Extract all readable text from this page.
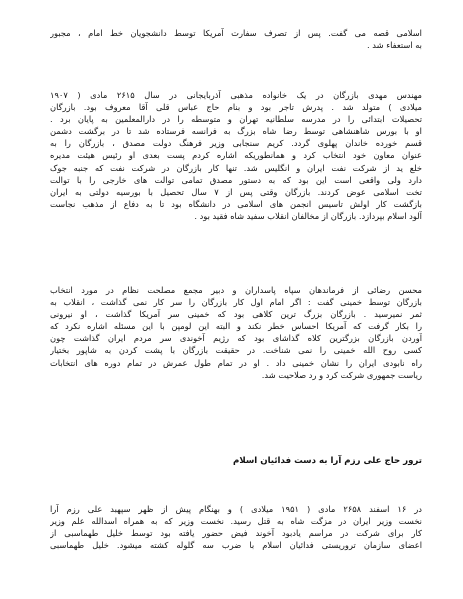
اسلامی قصه می گفت. پس از تصرف سفارت آمریکا توسط دانشجویان خط امام ، مجبور
به استعفاء شد .
مهندس مهدی بازرگان در یک خانواده مذهبی آذربایجانی در سال ۲۶۱۵ مادی ( ۱۹۰۷
میلادی ) متولد شد . پدرش تاجر بود و بنام حاج عباس قلی آقا معروف بود. بازرگان
تحصیلات ابتدائی را در مدرسه سلطانیه تهران و متوسطه را در دارالمعلمین به پایان برد .
او با بورس شاهنشاهی توسط رضا شاه بزرگ به فرانسه فرستاده شد تا در برگشت دشمن
قسم خورده خاندان پهلوی گردد. کریم سنجابی وزیر فرهنگ دولت مصدق ، بازرگان را به
عنوان معاون خود انتخاب کرد و همانطوریکه اشاره کردم پست بعدی او رئیس هیئت مدیره
خلع ید از شرکت نفت ایران و انگلیس شد. تنها کار بازرگان در شرکت نفت که جنبه جوک
دارد ولی واقعی است این بود که به دستور مصدق تمامی توالت های خارجی را با توالت
تخت اسلامی عوض کردند. بازرگان وقتی پس از ۷ سال تحصیل با بورسیه دولتی به ایران
بازگشت کار اولش تاسیس انجمن های اسلامی در دانشگاه بود تا به دفاع از مذهب نجاست
آلود اسلام بپردازد. بازرگان از مخالفان انقلاب سفید شاه فقید بود .
محسن رضائی از فرماندهان سپاه پاسداران و دبیر مجمع مصلحت نظام در مورد انتخاب
بازرگان توسط خمینی گفت : اگر امام اول کار بازرگان را سر کار نمی گذاشت ، انقلاب به
ثمر نمیرسید . بازرگان بزرگ ترین کلاهی بود که خمینی سر آمریکا گذاشت ، او نیرونی
را بکار گرفت که آمریکا احساس خطر نکند و البته این لومپن با این مسئله اشاره نکرد که
آوردن بازرگان بزرگترین کلاه گذاشای بود که رژیم آخوندی سر مردم ایران گذاشت چون
کسی روح الله خمینی را نمی شناخت. در حقیقت بازرگان با پشت کردن به شاپور بختیار
راه نابودی ایران را نشان خمینی داد . او در تمام طول عمرش در تمام دوره های انتخابات
ریاست جمهوری شرکت کرد و رد صلاحیت شد.
ترور حاج علی رزم آرا به دست فدائیان اسلام
در ۱۶ اسفند ۲۶۵۸ مادی ( ۱۹۵۱ میلادی ) و بهنگام پیش از ظهر سپهبد علی رزم آرا
نخست وزیر ایران در مزگت شاه به قتل رسید. نخست وزیر که به همراه اسدالله علم وزیر
کار برای شرکت در مراسم یادبود آخوند فیض حضور یافته بود توسط خلیل طهماسبی از
اعضای سازمان تروریستی فدائیان اسلام با ضرب سه گلوله کشته میشود. خلیل طهماسبی
